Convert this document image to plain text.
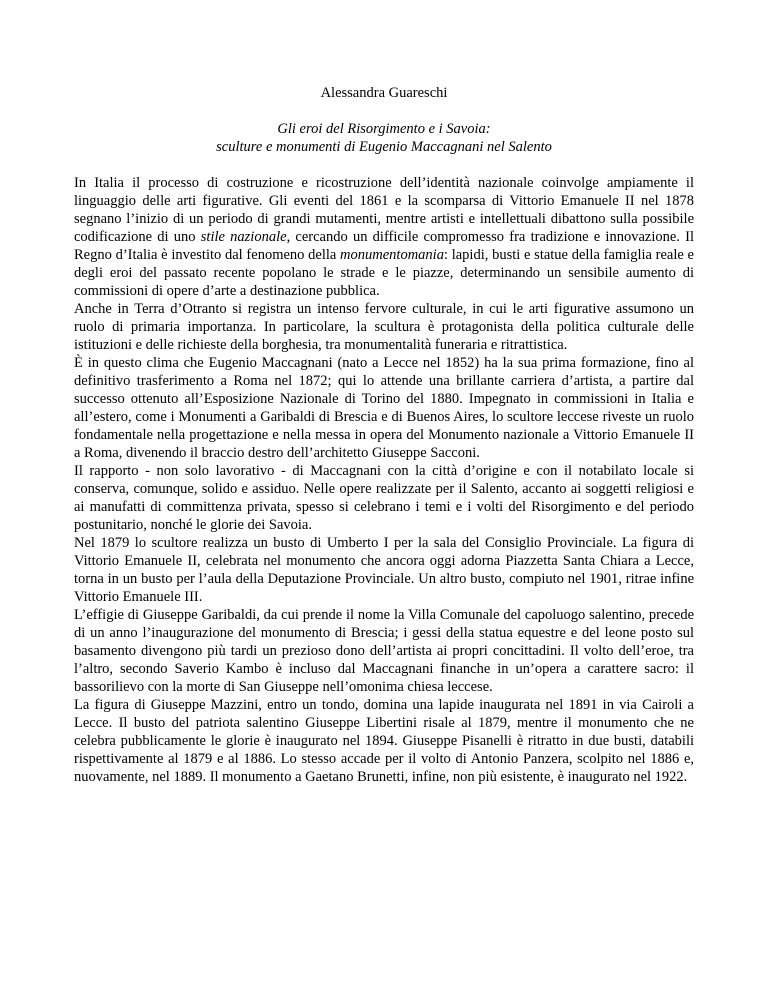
Alessandra Guareschi

Gli eroi del Risorgimento e i Savoia:
sculture e monumenti di Eugenio Maccagnani nel Salento

In Italia il processo di costruzione e ricostruzione dell’identità nazionale coinvolge ampiamente il linguaggio delle arti figurative. Gli eventi del 1861 e la scomparsa di Vittorio Emanuele II nel 1878 segnano l’inizio di un periodo di grandi mutamenti, mentre artisti e intellettuali dibattono sulla possibile codificazione di uno stile nazionale, cercando un difficile compromesso fra tradizione e innovazione. Il Regno d’Italia è investito dal fenomeno della monumentomania: lapidi, busti e statue della famiglia reale e degli eroi del passato recente popolano le strade e le piazze, determinando un sensibile aumento di commissioni di opere d’arte a destinazione pubblica.

Anche in Terra d’Otranto si registra un intenso fervore culturale, in cui le arti figurative assumono un ruolo di primaria importanza. In particolare, la scultura è protagonista della politica culturale delle istituzioni e delle richieste della borghesia, tra monumentalità funeraria e ritrattistica.

È in questo clima che Eugenio Maccagnani (nato a Lecce nel 1852) ha la sua prima formazione, fino al definitivo trasferimento a Roma nel 1872; qui lo attende una brillante carriera d’artista, a partire dal successo ottenuto all’Esposizione Nazionale di Torino del 1880. Impegnato in commissioni in Italia e all’estero, come i Monumenti a Garibaldi di Brescia e di Buenos Aires, lo scultore leccese riveste un ruolo fondamentale nella progettazione e nella messa in opera del Monumento nazionale a Vittorio Emanuele II a Roma, divenendo il braccio destro dell’architetto Giuseppe Sacconi.

Il rapporto - non solo lavorativo - di Maccagnani con la città d’origine e con il notabilato locale si conserva, comunque, solido e assiduo. Nelle opere realizzate per il Salento, accanto ai soggetti religiosi e ai manufatti di committenza privata, spesso si celebrano i temi e i volti del Risorgimento e del periodo postunitario, nonché le glorie dei Savoia.

Nel 1879 lo scultore realizza un busto di Umberto I per la sala del Consiglio Provinciale. La figura di Vittorio Emanuele II, celebrata nel monumento che ancora oggi adorna Piazzetta Santa Chiara a Lecce, torna in un busto per l’aula della Deputazione Provinciale. Un altro busto, compiuto nel 1901, ritrae infine Vittorio Emanuele III.

L’effigie di Giuseppe Garibaldi, da cui prende il nome la Villa Comunale del capoluogo salentino, precede di un anno l’inaugurazione del monumento di Brescia; i gessi della statua equestre e del leone posto sul basamento divengono più tardi un prezioso dono dell’artista ai propri concittadini. Il volto dell’eroe, tra l’altro, secondo Saverio Kambo è incluso dal Maccagnani finanche in un’opera a carattere sacro: il bassorilievo con la morte di San Giuseppe nell’omonima chiesa leccese.

La figura di Giuseppe Mazzini, entro un tondo, domina una lapide inaugurata nel 1891 in via Cairoli a Lecce. Il busto del patriota salentino Giuseppe Libertini risale al 1879, mentre il monumento che ne celebra pubblicamente le glorie è inaugurato nel 1894. Giuseppe Pisanelli è ritratto in due busti, databili rispettivamente al 1879 e al 1886. Lo stesso accade per il volto di Antonio Panzera, scolpito nel 1886 e, nuovamente, nel 1889. Il monumento a Gaetano Brunetti, infine, non più esistente, è inaugurato nel 1922.
